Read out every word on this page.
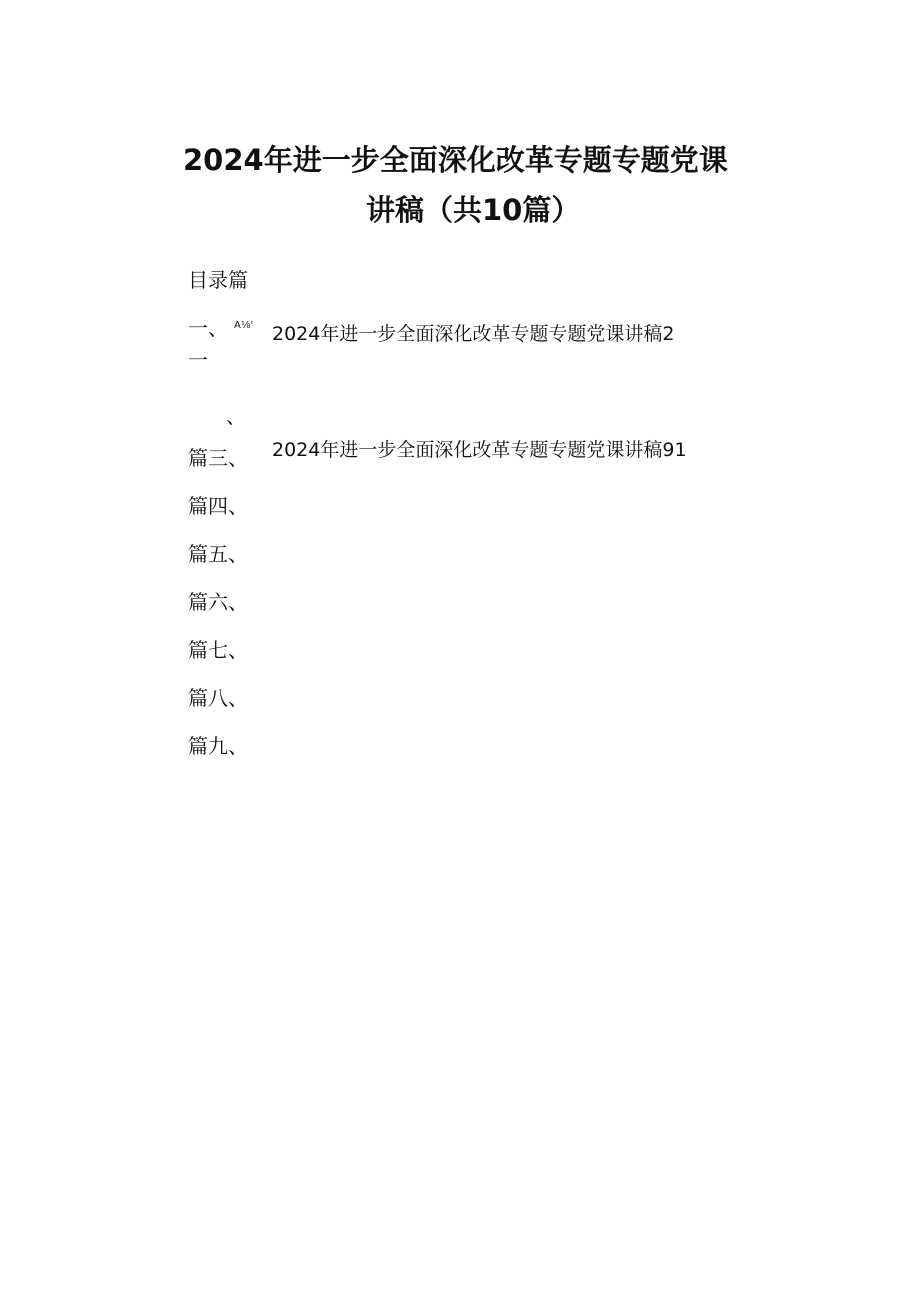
2024年进一步全面深化改革专题专题党课
讲稿（共10篇）
目录篇
一、 A⅛' 2024年进一步全面深化改革专题专题党课讲稿2
一
、
篇三、 2024年进一步全面深化改革专题专题党课讲稿91
篇四、
篇五、
篇六、
篇七、
篇八、
篇九、
